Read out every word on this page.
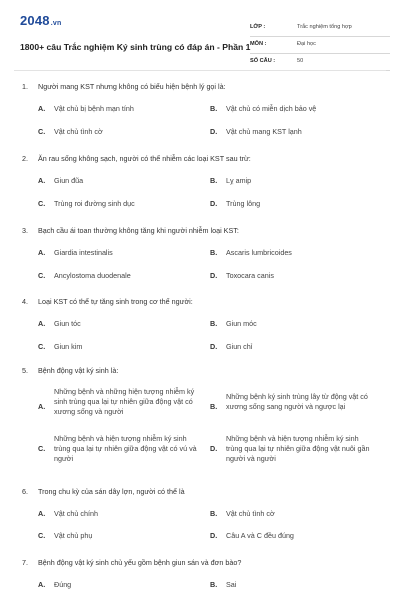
2048.vn
1800+ câu Trắc nghiệm Ký sinh trùng có đáp án - Phần 1
LỚP :	Trắc nghiệm tổng hợp
MÔN :	Đại học
SỐ CÂU :	50
1. Người mang KST nhưng không có biểu hiện bệnh lý gọi là:
A. Vật chủ bị bệnh mạn tính	B. Vật chủ có miễn dịch bảo vệ
C. Vật chủ tình cờ	D. Vật chủ mang KST lạnh
2. Ăn rau sống không sạch, người có thể nhiễm các loại KST sau trừ:
A. Giun đũa	B. Lỵ amip
C. Trùng roi đường sinh dục	D. Trùng lông
3. Bạch cầu ái toan thường không tăng khi người nhiễm loại KST:
A. Giardia intestinalis	B. Ascaris lumbricoides
C. Ancylostoma duodenale	D. Toxocara canis
4. Loại KST có thể tự tăng sinh trong cơ thể người:
A. Giun tóc	B. Giun móc
C. Giun kim	D. Giun chỉ
5. Bệnh động vật ký sinh là:
A.
Những bệnh và những hiện tượng nhiễm ký sinh trùng qua lại tự nhiên giữa động vật có xương sống và người
B.
Những bệnh ký sinh trùng lây từ động vật có xương sống sang người và ngược lại
C.
Những bệnh và hiện tượng nhiễm ký sinh trùng qua lại tự nhiên giữa động vật có vú và người
D.
Những bệnh và hiện tượng nhiễm ký sinh trùng qua lại tự nhiên giữa động vật nuôi gần người và người
6. Trong chu kỳ của sán dây lợn, người có thể là
A. Vật chủ chính	B. Vật chủ tình cờ
C. Vật chủ phụ	D. Câu A và C đều đúng
7. Bệnh động vật ký sinh chủ yếu gồm bệnh giun sán và đơn bào?
A. Đúng	B. Sai
